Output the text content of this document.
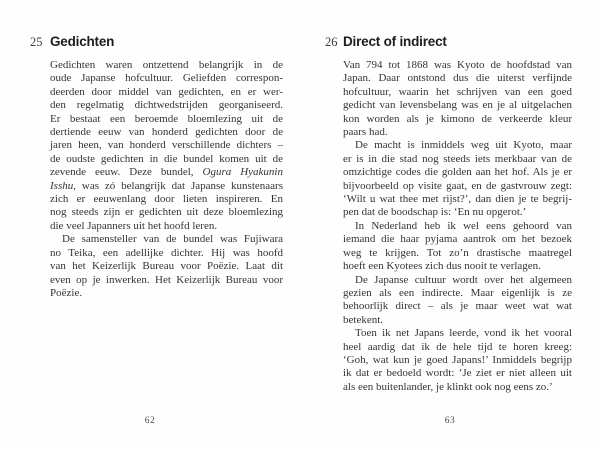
25 Gedichten
Gedichten waren ontzettend belangrijk in de
oude Japanse hofcultuur. Geliefden correspon-
deerden door middel van gedichten, en er wer-
den regelmatig dichtwedstrijden georganiseerd.
Er bestaat een beroemde bloemlezing uit de
dertiende eeuw van honderd gedichten door de
jaren heen, van honderd verschillende dichters –
de oudste gedichten in die bundel komen uit de
zevende eeuw. Deze bundel, Ogura Hyakunin
Isshu, was zó belangrijk dat Japanse kunstenaars
zich er eeuwenlang door lieten inspireren. En
nog steeds zijn er gedichten uit deze bloemlezing
die veel Japanners uit het hoofd leren.
De samensteller van de bundel was Fujiwara
no Teika, een adellijke dichter. Hij was hoofd
van het Keizerlijk Bureau voor Poëzie. Laat dit
even op je inwerken. Het Keizerlijk Bureau voor
Poëzie.
62
26 Direct of indirect
Van 794 tot 1868 was Kyoto de hoofdstad van
Japan. Daar ontstond dus die uiterst verfijnde
hofcultuur, waarin het schrijven van een goed
gedicht van levensbelang was en je al uitgelachen
kon worden als je kimono de verkeerde kleur
paars had.
De macht is inmiddels weg uit Kyoto, maar
er is in die stad nog steeds iets merkbaar van de
omzichtige codes die golden aan het hof. Als je er
bijvoorbeeld op visite gaat, en de gastvrouw zegt:
‘Wilt u wat thee met rijst?’, dan dien je te begrij-
pen dat de boodschap is: ‘En nu opgerot.’
In Nederland heb ik wel eens gehoord van
iemand die haar pyjama aantrok om het bezoek
weg te krijgen. Tot zo’n drastische maatregel
hoeft een Kyotees zich dus nooit te verlagen.
De Japanse cultuur wordt over het algemeen
gezien als een indirecte. Maar eigenlijk is ze
behoorlijk direct – als je maar weet wat wat
betekent.
Toen ik net Japans leerde, vond ik het vooral
heel aardig dat ik de hele tijd te horen kreeg:
‘Goh, wat kun je goed Japans!’ Inmiddels begrijp
ik dat er bedoeld wordt: ‘Je ziet er niet alleen uit
als een buitenlander, je klinkt ook nog eens zo.’
63
